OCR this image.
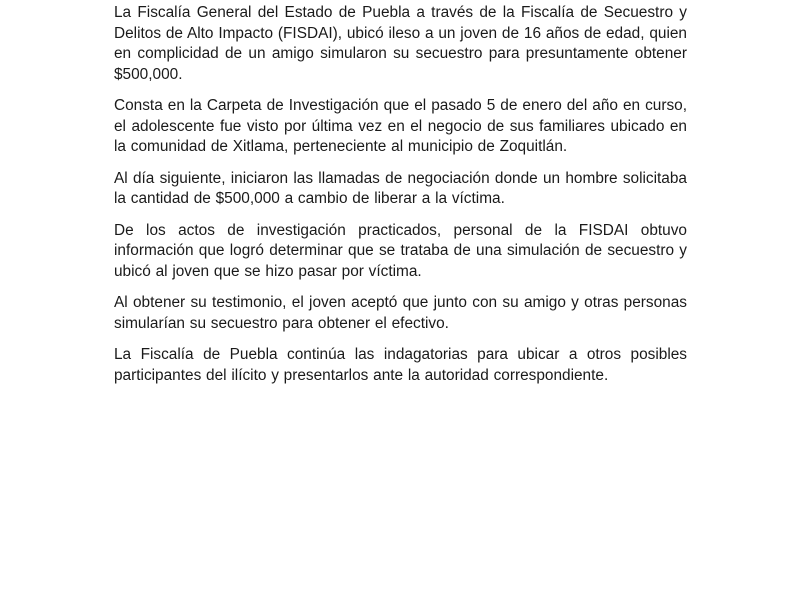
La Fiscalía General del Estado de Puebla a través de la Fiscalía de Secuestro y Delitos de Alto Impacto (FISDAI), ubicó ileso a un joven de 16 años de edad, quien en complicidad de un amigo simularon su secuestro para presuntamente obtener $500,000.

Consta en la Carpeta de Investigación que el pasado 5 de enero del año en curso, el adolescente fue visto por última vez en el negocio de sus familiares ubicado en la comunidad de Xitlama, perteneciente al municipio de Zoquitlán.

Al día siguiente, iniciaron las llamadas de negociación donde un hombre solicitaba la cantidad de $500,000 a cambio de liberar a la víctima.

De los actos de investigación practicados, personal de la FISDAI obtuvo información que logró determinar que se trataba de una simulación de secuestro y ubicó al joven que se hizo pasar por víctima.

Al obtener su testimonio, el joven aceptó que junto con su amigo y otras personas simularían su secuestro para obtener el efectivo.

La Fiscalía de Puebla continúa las indagatorias para ubicar a otros posibles participantes del ilícito y presentarlos ante la autoridad correspondiente.
